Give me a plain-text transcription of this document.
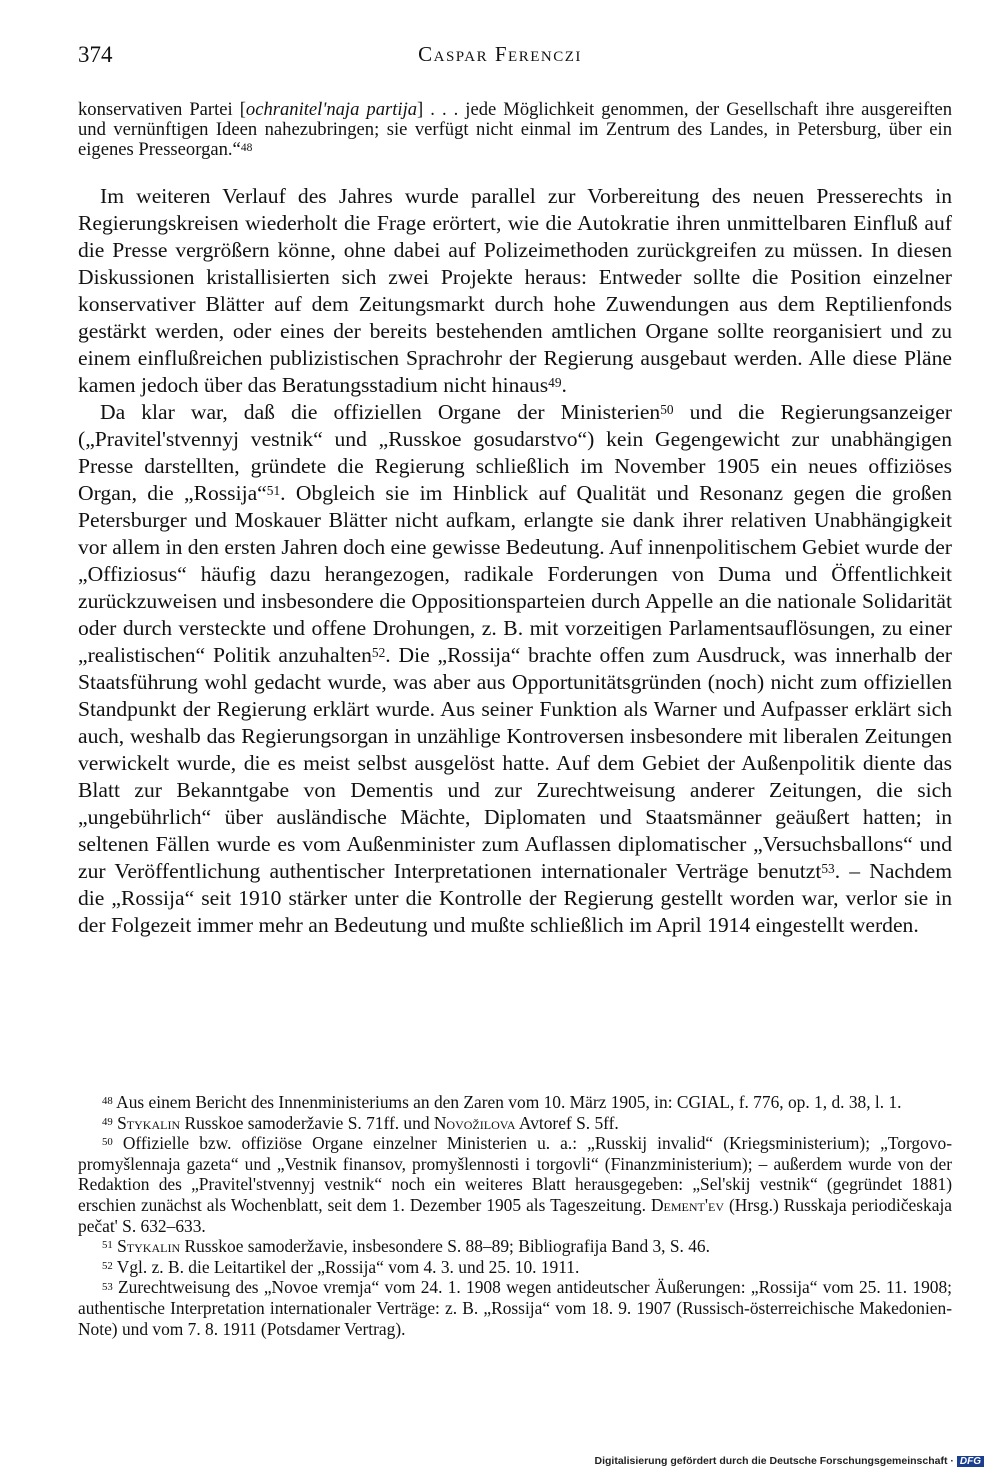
374	Caspar Ferenczi
konservativen Partei [ochranitel'naja partija] . . . jede Möglichkeit genommen, der Gesellschaft ihre ausgereiften und vernünftigen Ideen nahezubringen; sie verfügt nicht einmal im Zentrum des Landes, in Petersburg, über ein eigenes Presseorgan.“$^{48}$

Im weiteren Verlauf des Jahres wurde parallel zur Vorbereitung des neuen Presserechts in Regierungskreisen wiederholt die Frage erörtert, wie die Autokratie ihren unmittelbaren Einfluß auf die Presse vergrößern könne, ohne dabei auf Polizeimethoden zurückgreifen zu müssen. In diesen Diskussionen kristallisierten sich zwei Projekte heraus: Entweder sollte die Position einzelner konservativer Blätter auf dem Zeitungsmarkt durch hohe Zuwendungen aus dem Reptilienfonds gestärkt werden, oder eines der bereits bestehenden amtlichen Organe sollte reorganisiert und zu einem einflußreichen publizistischen Sprachrohr der Regierung ausgebaut werden. Alle diese Pläne kamen jedoch über das Beratungsstadium nicht hinaus$^{49}$.

Da klar war, daß die offiziellen Organe der Ministerien$^{50}$ und die Regierungsanzeiger („Pravitel'stvennyj vestnik“ und „Russkoe gosudarstvo“) kein Gegengewicht zur unabhängigen Presse darstellten, gründete die Regierung schließlich im November 1905 ein neues offiziöses Organ, die „Rossija“$^{51}$. Obgleich sie im Hinblick auf Qualität und Resonanz gegen die großen Petersburger und Moskauer Blätter nicht aufkam, erlangte sie dank ihrer relativen Unabhängigkeit vor allem in den ersten Jahren doch eine gewisse Bedeutung. Auf innenpolitischem Gebiet wurde der „Offiziosus“ häufig dazu herangezogen, radikale Forderungen von Duma und Öffentlichkeit zurückzuweisen und insbesondere die Oppositionsparteien durch Appelle an die nationale Solidarität oder durch versteckte und offene Drohungen, z. B. mit vorzeitigen Parlamentsauflösungen, zu einer „realistischen“ Politik anzuhalten$^{52}$. Die „Rossija“ brachte offen zum Ausdruck, was innerhalb der Staatsführung wohl gedacht wurde, was aber aus Opportunitätsgründen (noch) nicht zum offiziellen Standpunkt der Regierung erklärt wurde. Aus seiner Funktion als Warner und Aufpasser erklärt sich auch, weshalb das Regierungsorgan in unzählige Kontroversen insbesondere mit liberalen Zeitungen verwickelt wurde, die es meist selbst ausgelöst hatte. Auf dem Gebiet der Außenpolitik diente das Blatt zur Bekanntgabe von Dementis und zur Zurechtweisung anderer Zeitungen, die sich „ungebührlich“ über ausländische Mächte, Diplomaten und Staatsmänner geäußert hatten; in seltenen Fällen wurde es vom Außenminister zum Auflassen diplomatischer „Versuchsballons“ und zur Veröffentlichung authentischer Interpretationen internationaler Verträge benutzt$^{53}$. – Nachdem die „Rossija“ seit 1910 stärker unter die Kontrolle der Regierung gestellt worden war, verlor sie in der Folgezeit immer mehr an Bedeutung und mußte schließlich im April 1914 eingestellt werden.

$^{48}$ Aus einem Bericht des Innenministeriums an den Zaren vom 10. März 1905, in: CGIAL, f. 776, op. 1, d. 38, l. 1.

$^{49}$ Stykalin Russkoe samoderžavie S. 71ff. und Novožilova Avtoref S. 5ff.

$^{50}$ Offizielle bzw. offiziöse Organe einzelner Ministerien u. a.: „Russkij invalid“ (Kriegsministerium); „Torgovo-promyšlennaja gazeta“ und „Vestnik finansov, promyšlennosti i torgovli“ (Finanzministerium); – außerdem wurde von der Redaktion des „Pravitel'stvennyj vestnik“ noch ein weiteres Blatt herausgegeben: „Sel'skij vestnik“ (gegründet 1881) erschien zunächst als Wochenblatt, seit dem 1. Dezember 1905 als Tageszeitung. Dement'ev (Hrsg.) Russkaja periodičeskaja pečat' S. 632–633.

$^{51}$ Stykalin Russkoe samoderžavie, insbesondere S. 88–89; Bibliografija Band 3, S. 46.

$^{52}$ Vgl. z. B. die Leitartikel der „Rossija“ vom 4. 3. und 25. 10. 1911.

$^{53}$ Zurechtweisung des „Novoe vremja“ vom 24. 1. 1908 wegen antideutscher Äußerungen: „Rossija“ vom 25. 11. 1908; authentische Interpretation internationaler Verträge: z. B. „Rossija“ vom 18. 9. 1907 (Russisch-österreichische Makedonien-Note) und vom 7. 8. 1911 (Potsdamer Vertrag).

Digitalisierung gefördert durch die Deutsche Forschungsgemeinschaft · DFG
